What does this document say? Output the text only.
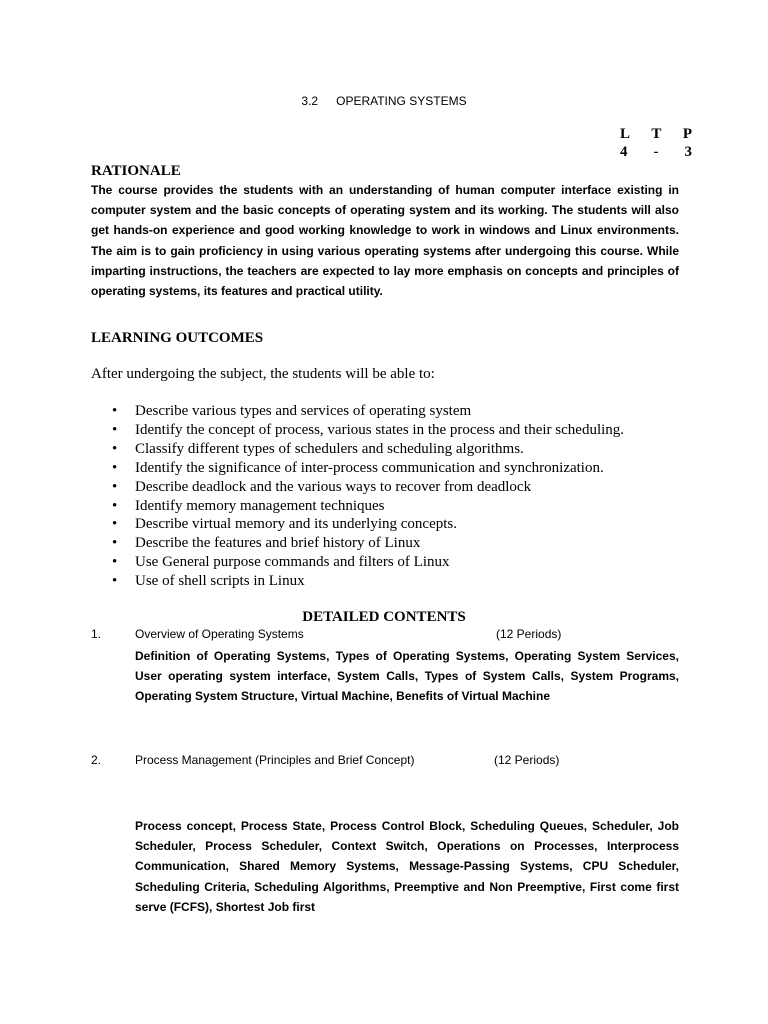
3.2 OPERATING SYSTEMS
L T P
4 - 3
RATIONALE
The course provides the students with an understanding of human computer interface existing in computer system and the basic concepts of operating system and its working. The students will also get hands-on experience and good working knowledge to work in windows and Linux environments. The aim is to gain proficiency in using various operating systems after undergoing this course. While imparting instructions, the teachers are expected to lay more emphasis on concepts and principles of operating systems, its features and practical utility.
LEARNING OUTCOMES
After undergoing the subject, the students will be able to:
• Describe various types and services of operating system
• Identify the concept of process, various states in the process and their scheduling.
• Classify different types of schedulers and scheduling algorithms.
• Identify the significance of inter-process communication and synchronization.
• Describe deadlock and the various ways to recover from deadlock
• Identify memory management techniques
• Describe virtual memory and its underlying concepts.
• Describe the features and brief history of Linux
• Use General purpose commands and filters of Linux
• Use of shell scripts in Linux
DETAILED CONTENTS
1.	Overview of Operating Systems	(12 Periods)
Definition of Operating Systems, Types of Operating Systems, Operating System Services, User operating system interface, System Calls, Types of System Calls, System Programs, Operating System Structure, Virtual Machine, Benefits of Virtual Machine
2.	Process Management (Principles and Brief Concept)	(12 Periods)
Process concept, Process State, Process Control Block, Scheduling Queues, Scheduler, Job Scheduler, Process Scheduler, Context Switch, Operations on Processes, Interprocess Communication, Shared Memory Systems, Message-Passing Systems, CPU Scheduler, Scheduling Criteria, Scheduling Algorithms, Preemptive and Non Preemptive, First come first serve (FCFS), Shortest Job first
